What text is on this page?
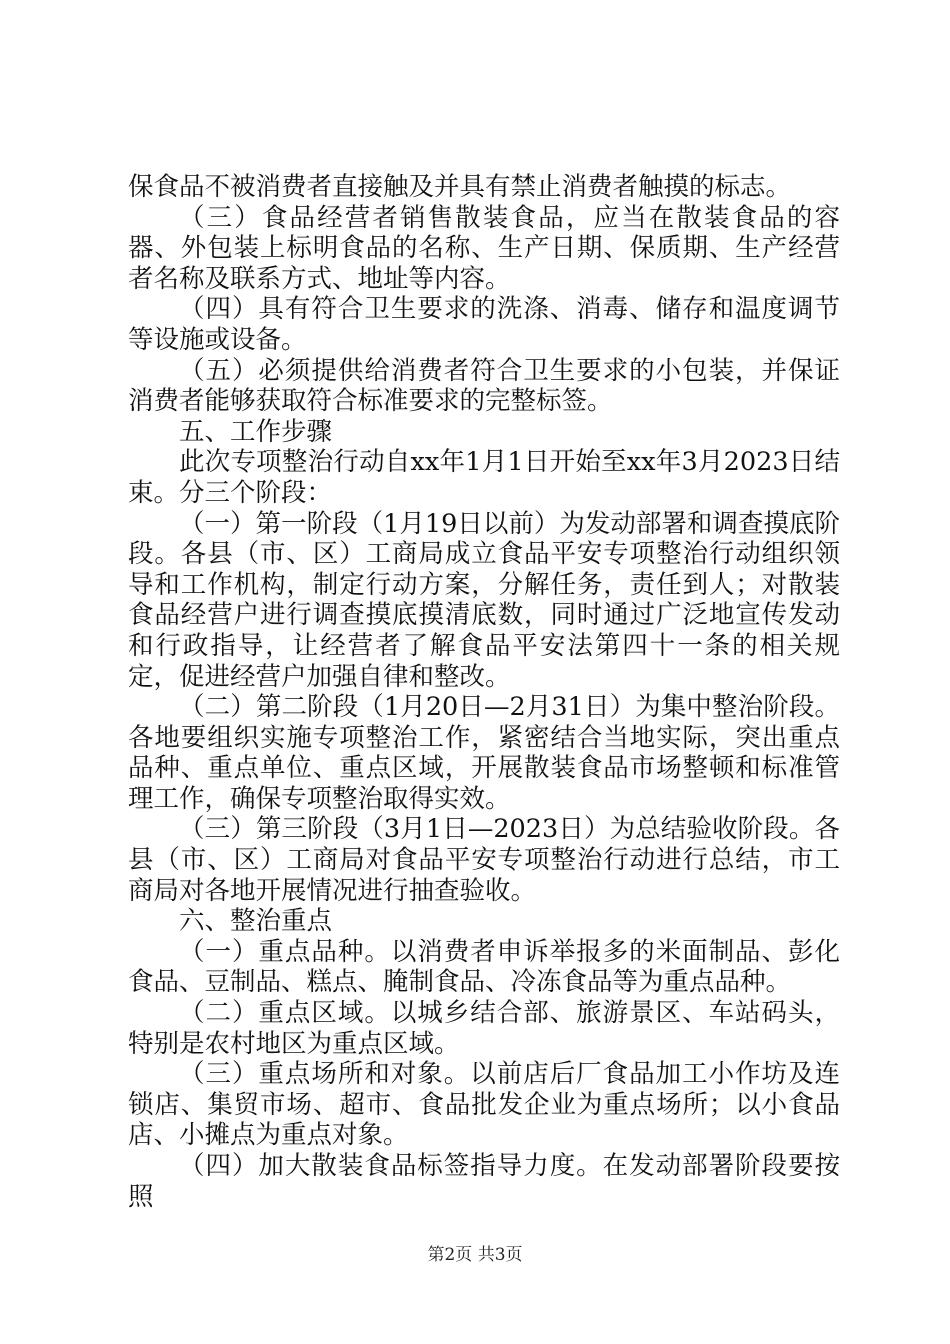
保食品不被消费者直接触及并具有禁止消费者触摸的标志。

（三）食品经营者销售散装食品，应当在散装食品的容器、外包装上标明食品的名称、生产日期、保质期、生产经营者名称及联系方式、地址等内容。

（四）具有符合卫生要求的洗涤、消毒、储存和温度调节等设施或设备。

（五）必须提供给消费者符合卫生要求的小包装，并保证消费者能够获取符合标准要求的完整标签。

五、工作步骤

此次专项整治行动自xx年1月1日开始至xx年3月2023日结束。分三个阶段：

（一）第一阶段（1月19日以前）为发动部署和调查摸底阶段。各县（市、区）工商局成立食品平安专项整治行动组织领导和工作机构，制定行动方案，分解任务，责任到人；对散装食品经营户进行调查摸底摸清底数，同时通过广泛地宣传发动和行政指导，让经营者了解食品平安法第四十一条的相关规定，促进经营户加强自律和整改。

（二）第二阶段（1月20日—2月31日）为集中整治阶段。各地要组织实施专项整治工作，紧密结合当地实际，突出重点品种、重点单位、重点区域，开展散装食品市场整顿和标准管理工作，确保专项整治取得实效。

（三）第三阶段（3月1日—2023日）为总结验收阶段。各县（市、区）工商局对食品平安专项整治行动进行总结，市工商局对各地开展情况进行抽查验收。

六、整治重点

（一）重点品种。以消费者申诉举报多的米面制品、彭化食品、豆制品、糕点、腌制食品、冷冻食品等为重点品种。

（二）重点区域。以城乡结合部、旅游景区、车站码头，特别是农村地区为重点区域。

（三）重点场所和对象。以前店后厂食品加工小作坊及连锁店、集贸市场、超市、食品批发企业为重点场所；以小食品店、小摊点为重点对象。

（四）加大散装食品标签指导力度。在发动部署阶段要按照

第2页 共3页
